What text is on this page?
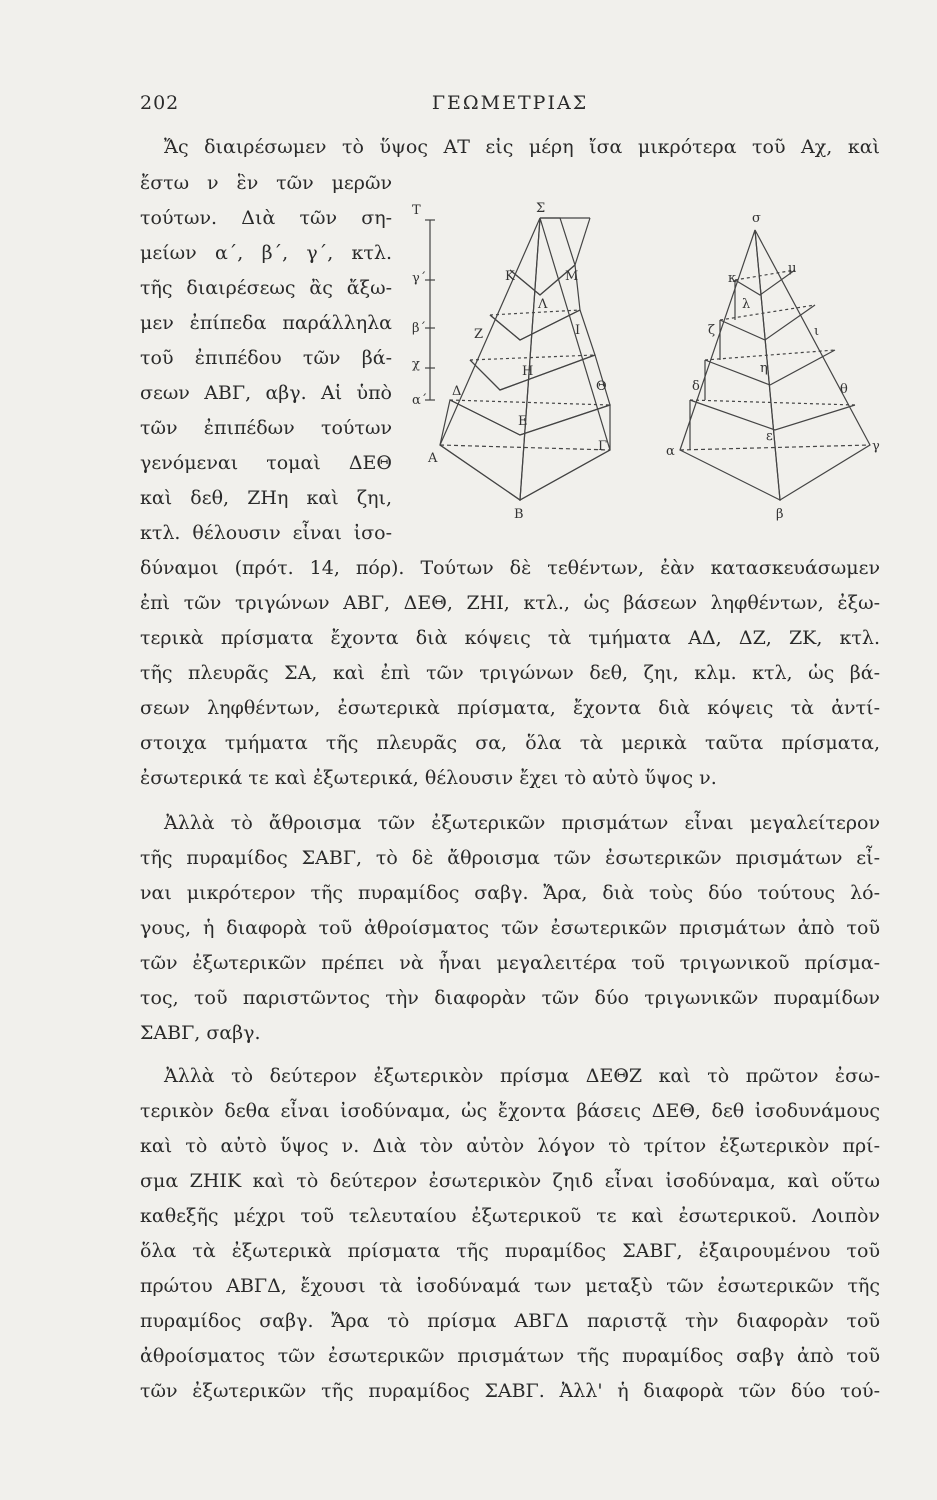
202	ΓΕΩΜΕΤΡΙΑΣ
Ἄς διαιρέσωμεν τὸ ὕψος ΑΤ εἰς μέρη ἴσα μικρότερα τοῦ Αχ, καὶ
ἔστω ν ἓν τῶν μερῶν
τούτων. Διὰ τῶν ση-
μείων α΄, β΄, γ΄, κτλ.
τῆς διαιρέσεως ἂς ἄξω-
μεν ἐπίπεδα παράλληλα
τοῦ ἐπιπέδου τῶν βά-
σεων ΑΒΓ, αβγ. Αἱ ὑπὸ
τῶν ἐπιπέδων τούτων
γενόμεναι τομαὶ ΔΕΘ
καὶ δεθ, ΖΗη καὶ ζηι,
κτλ. θέλουσιν εἶναι ἰσο-
δύναμοι (πρότ. 14, πόρ). Τούτων δὲ τεθέντων, ἐὰν κατασκευάσωμεν
ἐπὶ τῶν τριγώνων ΑΒΓ, ΔΕΘ, ΖΗΙ, κτλ., ὡς βάσεων ληφθέντων, ἐξω-
τερικὰ πρίσματα ἔχοντα διὰ κόψεις τὰ τμήματα ΑΔ, ΔΖ, ΖΚ, κτλ.
τῆς πλευρᾶς ΣΑ, καὶ ἐπὶ τῶν τριγώνων δεθ, ζηι, κλμ. κτλ, ὡς βά-
σεων ληφθέντων, ἐσωτερικὰ πρίσματα, ἔχοντα διὰ κόψεις τὰ ἀντί-
στοιχα τμήματα τῆς πλευρᾶς σα, ὅλα τὰ μερικὰ ταῦτα πρίσματα,
ἐσωτερικά τε καὶ ἐξωτερικά, θέλουσιν ἔχει τὸ αὐτὸ ὕψος ν.
Ἀλλὰ τὸ ἄθροισμα τῶν ἐξωτερικῶν πρισμάτων εἶναι μεγαλείτερον
τῆς πυραμίδος ΣΑΒΓ, τὸ δὲ ἄθροισμα τῶν ἐσωτερικῶν πρισμάτων εἶ-
ναι μικρότερον τῆς πυραμίδος σαβγ. Ἄρα, διὰ τοὺς δύο τούτους λό-
γους, ἡ διαφορὰ τοῦ ἀθροίσματος τῶν ἐσωτερικῶν πρισμάτων ἀπὸ τοῦ
τῶν ἐξωτερικῶν πρέπει νὰ ἦναι μεγαλειτέρα τοῦ τριγωνικοῦ πρίσμα-
τος, τοῦ παριστῶντος τὴν διαφορὰν τῶν δύο τριγωνικῶν πυραμίδων
ΣΑΒΓ, σαβγ.
Ἀλλὰ τὸ δεύτερον ἐξωτερικὸν πρίσμα ΔΕΘΖ καὶ τὸ πρῶτον ἐσω-
τερικὸν δεθα εἶναι ἰσοδύναμα, ὡς ἔχοντα βάσεις ΔΕΘ, δεθ ἰσοδυνάμους
καὶ τὸ αὐτὸ ὕψος ν. Διὰ τὸν αὐτὸν λόγον τὸ τρίτον ἐξωτερικὸν πρί-
σμα ΖΗΙΚ καὶ τὸ δεύτερον ἐσωτερικὸν ζηιδ εἶναι ἰσοδύναμα, καὶ οὕτω
καθεξῆς μέχρι τοῦ τελευταίου ἐξωτερικοῦ τε καὶ ἐσωτερικοῦ. Λοιπὸν
ὅλα τὰ ἐξωτερικὰ πρίσματα τῆς πυραμίδος ΣΑΒΓ, ἐξαιρουμένου τοῦ
πρώτου ΑΒΓΔ, ἔχουσι τὰ ἰσοδύναμά των μεταξὺ τῶν ἐσωτερικῶν τῆς
πυραμίδος σαβγ. Ἄρα τὸ πρίσμα ΑΒΓΔ παριστᾷ τὴν διαφορὰν τοῦ
ἀθροίσματος τῶν ἐσωτερικῶν πρισμάτων τῆς πυραμίδος σαβγ ἀπὸ τοῦ
τῶν ἐξωτερικῶν τῆς πυραμίδος ΣΑΒΓ. Ἀλλ' ἡ διαφορὰ τῶν δύο τού-
Τ
γ΄
β΄
χ
α΄
Σ
Κ	Μ
Λ
Ζ	Ι
Η
Θ
Δ
Ε
Γ
Α
Β
σ
κ
μ
λ
ζ	ι
η
δ	θ
ε
α	γ
β
